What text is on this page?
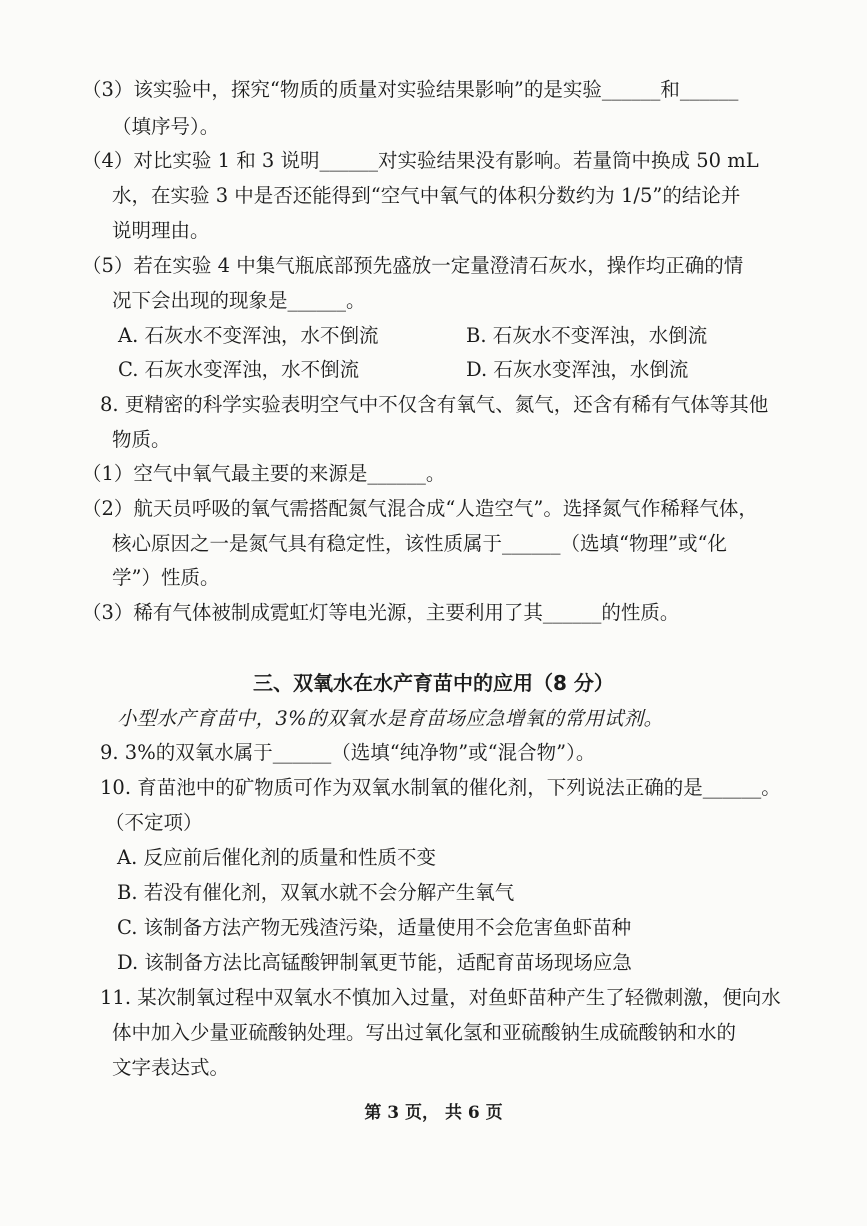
（3）该实验中，探究“物质的质量对实验结果影响”的是实验______和______
（填序号）。
（4）对比实验 1 和 3 说明______对实验结果没有影响。若量筒中换成 50 mL
水，在实验 3 中是否还能得到“空气中氧气的体积分数约为 1/5”的结论并
说明理由。
（5）若在实验 4 中集气瓶底部预先盛放一定量澄清石灰水，操作均正确的情
况下会出现的现象是______。
A. 石灰水不变浑浊，水不倒流	B. 石灰水不变浑浊，水倒流
C. 石灰水变浑浊，水不倒流	D. 石灰水变浑浊，水倒流
8. 更精密的科学实验表明空气中不仅含有氧气、氮气，还含有稀有气体等其他
物质。
（1）空气中氧气最主要的来源是______。
（2）航天员呼吸的氧气需搭配氮气混合成“人造空气”。选择氮气作稀释气体，
核心原因之一是氮气具有稳定性，该性质属于______（选填“物理”或“化
学”）性质。
（3）稀有气体被制成霓虹灯等电光源，主要利用了其______的性质。
三、双氧水在水产育苗中的应用（8 分）
小型水产育苗中，3%的双氧水是育苗场应急增氧的常用试剂。
9. 3%的双氧水属于______（选填“纯净物”或“混合物”）。
10. 育苗池中的矿物质可作为双氧水制氧的催化剂，下列说法正确的是______。
（不定项）
A. 反应前后催化剂的质量和性质不变
B. 若没有催化剂，双氧水就不会分解产生氧气
C. 该制备方法产物无残渣污染，适量使用不会危害鱼虾苗种
D. 该制备方法比高锰酸钾制氧更节能，适配育苗场现场应急
11. 某次制氧过程中双氧水不慎加入过量，对鱼虾苗种产生了轻微刺激，便向水
体中加入少量亚硫酸钠处理。写出过氧化氢和亚硫酸钠生成硫酸钠和水的
文字表达式。
第 3 页， 共 6 页
